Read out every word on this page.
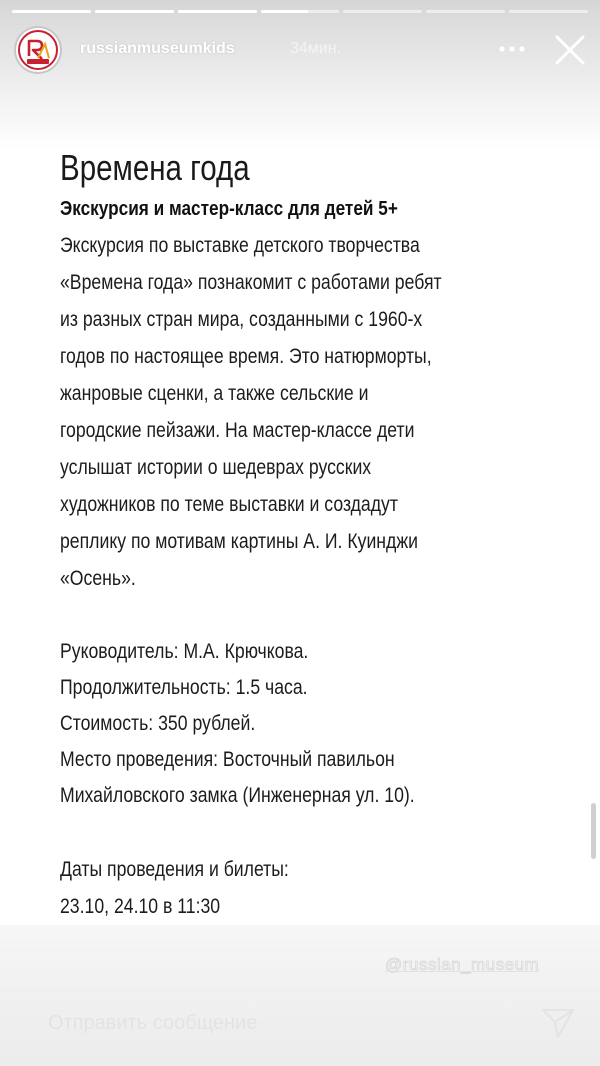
russianmuseumkids	34мин.
Времена года
Экскурсия и мастер-класс для детей 5+
Экскурсия по выставке детского творчества
«Времена года» познакомит с работами ребят
из разных стран мира, созданными с 1960-х
годов по настоящее время. Это натюрморты,
жанровые сценки, а также сельские и
городские пейзажи. На мастер-классе дети
услышат истории о шедеврах русских
художников по теме выставки и создадут
реплику по мотивам картины А. И. Куинджи
«Осень».
Руководитель: М.А. Крючкова.
Продолжительность: 1.5 часа.
Стоимость: 350 рублей.
Место проведения: Восточный павильон
Михайловского замка (Инженерная ул. 10).
Даты проведения и билеты:
23.10, 24.10 в 11:30
@russian_museum
Отправить сообщение
